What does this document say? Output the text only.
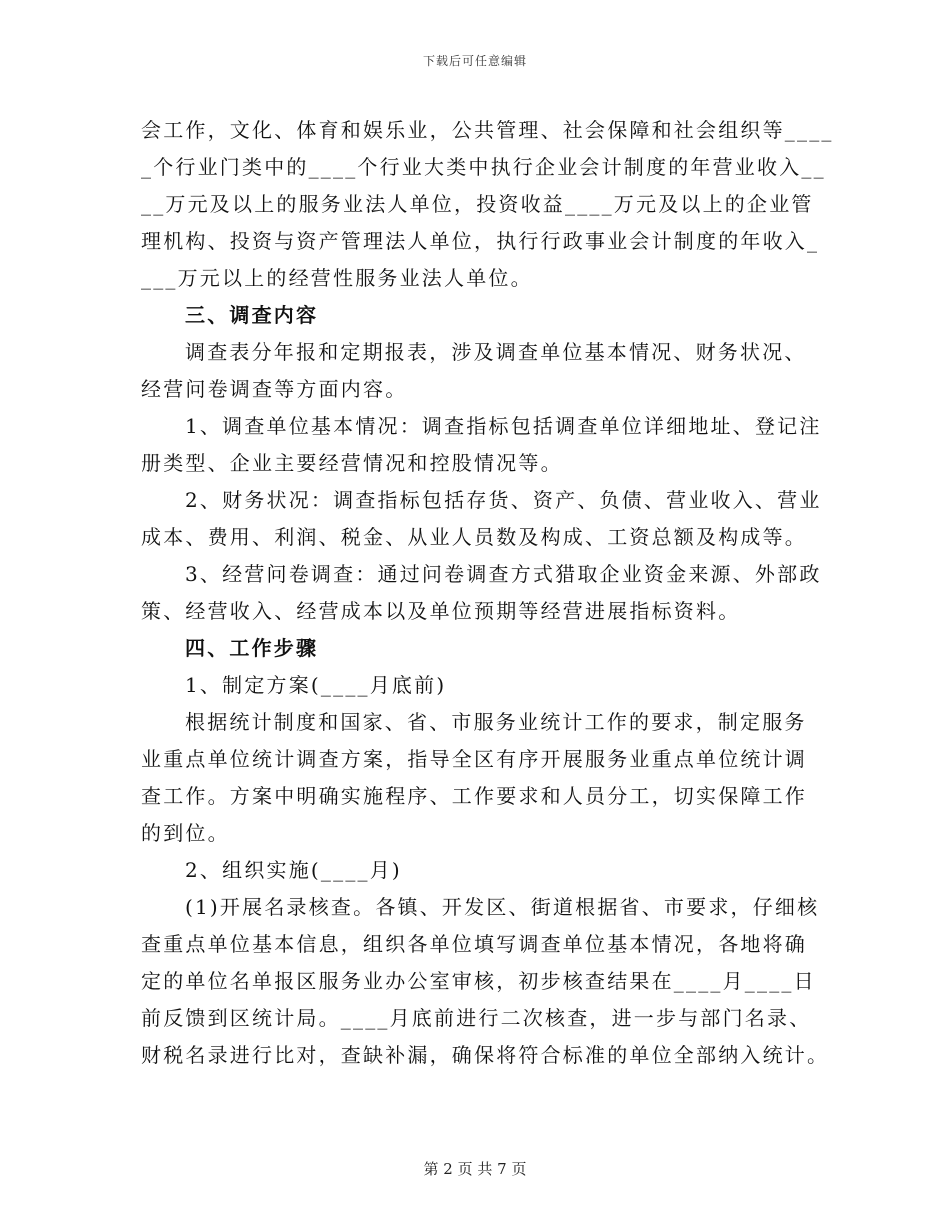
下载后可任意编辑
会工作，文化、体育和娱乐业，公共管理、社会保障和社会组织等____
_个行业门类中的____个行业大类中执行企业会计制度的年营业收入__
__万元及以上的服务业法人单位，投资收益____万元及以上的企业管
理机构、投资与资产管理法人单位，执行行政事业会计制度的年收入_
___万元以上的经营性服务业法人单位。
三、调查内容
调查表分年报和定期报表，涉及调查单位基本情况、财务状况、
经营问卷调查等方面内容。
1、调查单位基本情况：调查指标包括调查单位详细地址、登记注
册类型、企业主要经营情况和控股情况等。
2、财务状况：调查指标包括存货、资产、负债、营业收入、营业
成本、费用、利润、税金、从业人员数及构成、工资总额及构成等。
3、经营问卷调查：通过问卷调查方式猎取企业资金来源、外部政
策、经营收入、经营成本以及单位预期等经营进展指标资料。
四、工作步骤
1、制定方案(____月底前)
根据统计制度和国家、省、市服务业统计工作的要求，制定服务
业重点单位统计调查方案，指导全区有序开展服务业重点单位统计调
查工作。方案中明确实施程序、工作要求和人员分工，切实保障工作
的到位。
2、组织实施(____月)
(1)开展名录核查。各镇、开发区、街道根据省、市要求，仔细核
查重点单位基本信息，组织各单位填写调查单位基本情况，各地将确
定的单位名单报区服务业办公室审核，初步核查结果在____月____日
前反馈到区统计局。____月底前进行二次核查，进一步与部门名录、
财税名录进行比对，查缺补漏，确保将符合标准的单位全部纳入统计。
第 2 页 共 7 页
